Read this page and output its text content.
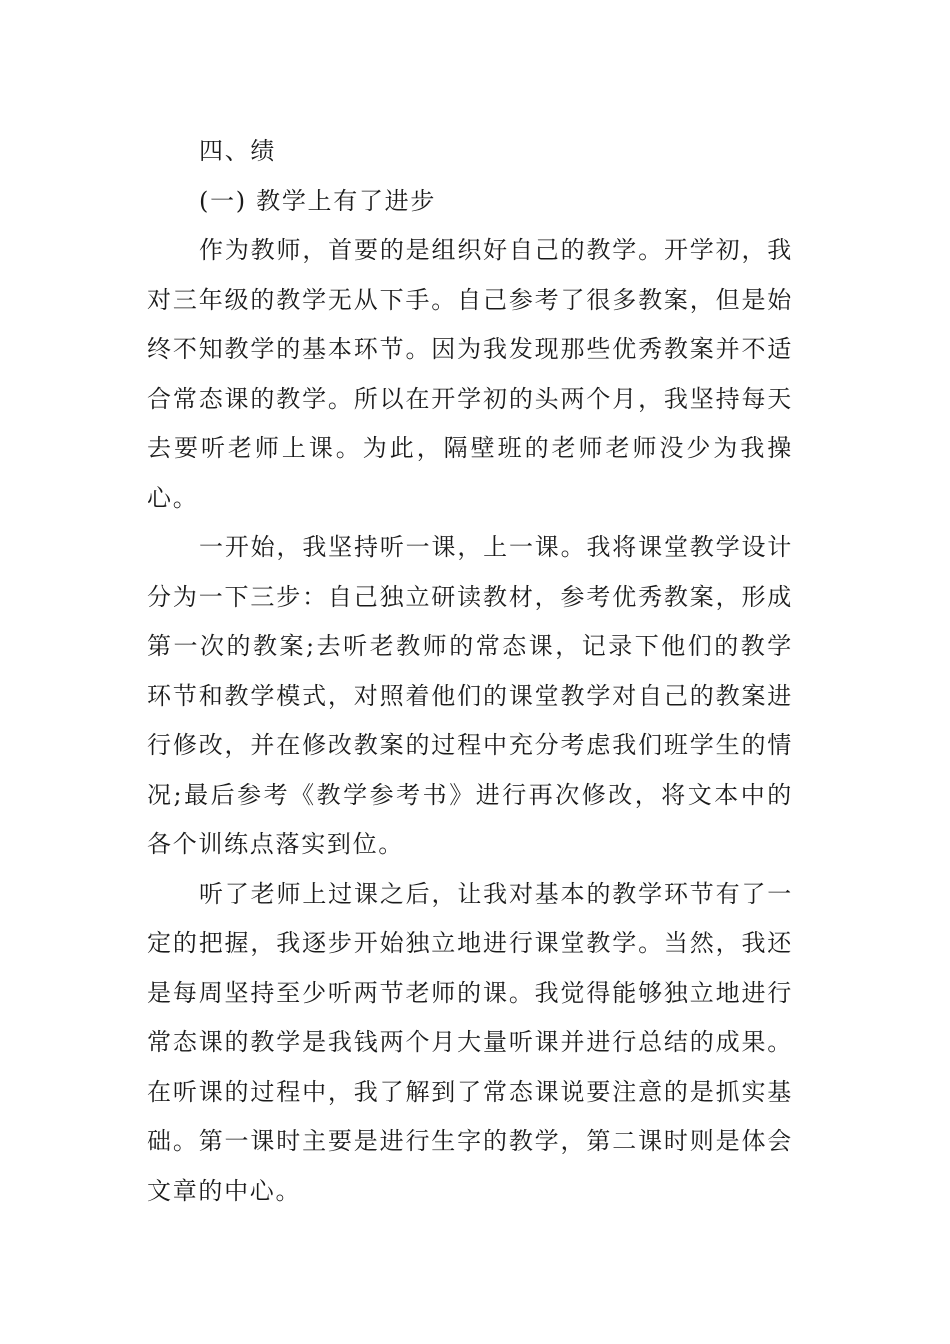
四、绩

(一) 教学上有了进步

作为教师，首要的是组织好自己的教学。开学初，我对三年级的教学无从下手。自己参考了很多教案，但是始终不知教学的基本环节。因为我发现那些优秀教案并不适合常态课的教学。所以在开学初的头两个月，我坚持每天去要听老师上课。为此，隔壁班的老师老师没少为我操心。

一开始，我坚持听一课，上一课。我将课堂教学设计分为一下三步：自己独立研读教材，参考优秀教案，形成第一次的教案;去听老教师的常态课，记录下他们的教学环节和教学模式，对照着他们的课堂教学对自己的教案进行修改，并在修改教案的过程中充分考虑我们班学生的情况;最后参考《教学参考书》进行再次修改，将文本中的各个训练点落实到位。

听了老师上过课之后，让我对基本的教学环节有了一定的把握，我逐步开始独立地进行课堂教学。当然，我还是每周坚持至少听两节老师的课。我觉得能够独立地进行常态课的教学是我钱两个月大量听课并进行总结的成果。在听课的过程中，我了解到了常态课说要注意的是抓实基础。第一课时主要是进行生字的教学，第二课时则是体会文章的中心。
